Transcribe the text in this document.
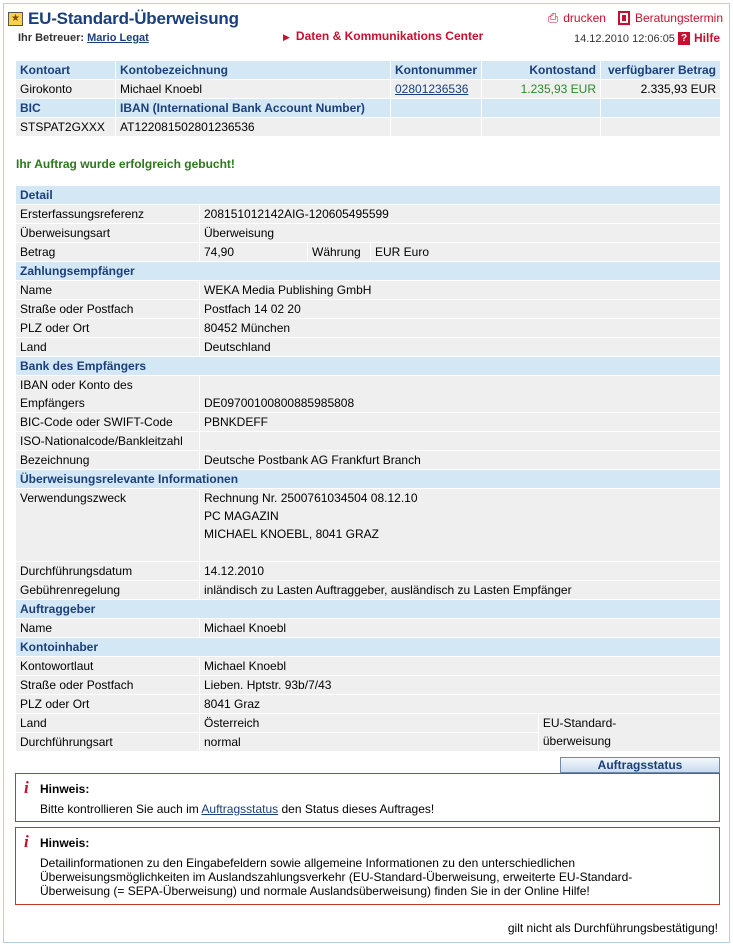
★ EU-Standard-Überweisung	⎙ drucken Beratungstermin
Ihr Betreuer: Mario Legat	▶ Daten & Kommunikations Center	14.12.2010 12:06:05 ? Hilfe
Kontoart	Kontobezeichnung	Kontonummer	Kontostand	verfügbarer Betrag
Girokonto	Michael Knoebl	02801236536	1.235,93 EUR	2.335,93 EUR
BIC	IBAN (International Bank Account Number)			
STSPAT2GXXX	AT122081502801236536			
Ihr Auftrag wurde erfolgreich gebucht!
Detail				
Ersterfassungsreferenz	208151012142AIG-120605495599			
Überweisungsart	Überweisung			
Betrag	74,90	Währung	EUR Euro	
Zahlungsempfänger				
Name	WEKA Media Publishing GmbH			
Straße oder Postfach	Postfach 14 02 20			
PLZ oder Ort	80452 München			
Land	Deutschland			
Bank des Empfängers				
IBAN oder Konto des
Empfängers	DE09700100800885985808			
BIC-Code oder SWIFT-Code	PBNKDEFF			
ISO-Nationalcode/Bankleitzahl				
Bezeichnung	Deutsche Postbank AG Frankfurt Branch			
Überweisungsrelevante Informationen				
Verwendungszweck	Rechnung Nr. 2500761034504 08.12.10
PC MAGAZIN
MICHAEL KNOEBL, 8041 GRAZ			
Durchführungsdatum	14.12.2010			
Gebührenregelung	inländisch zu Lasten Auftraggeber, ausländisch zu Lasten Empfänger			
Auftraggeber				
Name	Michael Knoebl			
Kontoinhaber				
Kontowortlaut	Michael Knoebl			
Straße oder Postfach	Lieben. Hptstr. 93b/7/43			
PLZ oder Ort	8041 Graz			
Land	Österreich			EU-Standard-
überweisung
Durchführungsart	normal			
Auftragsstatus
i Hinweis:
Bitte kontrollieren Sie auch im Auftragsstatus den Status dieses Auftrages!
i Hinweis:
Detailinformationen zu den Eingabefeldern sowie allgemeine Informationen zu den unterschiedlichen Überweisungsmöglichkeiten im Auslandszahlungsverkehr (EU-Standard-Überweisung, erweiterte EU-Standard-Überweisung (= SEPA-Überweisung) und normale Auslandsüberweisung) finden Sie in der Online Hilfe!
gilt nicht als Durchführungsbestätigung!
